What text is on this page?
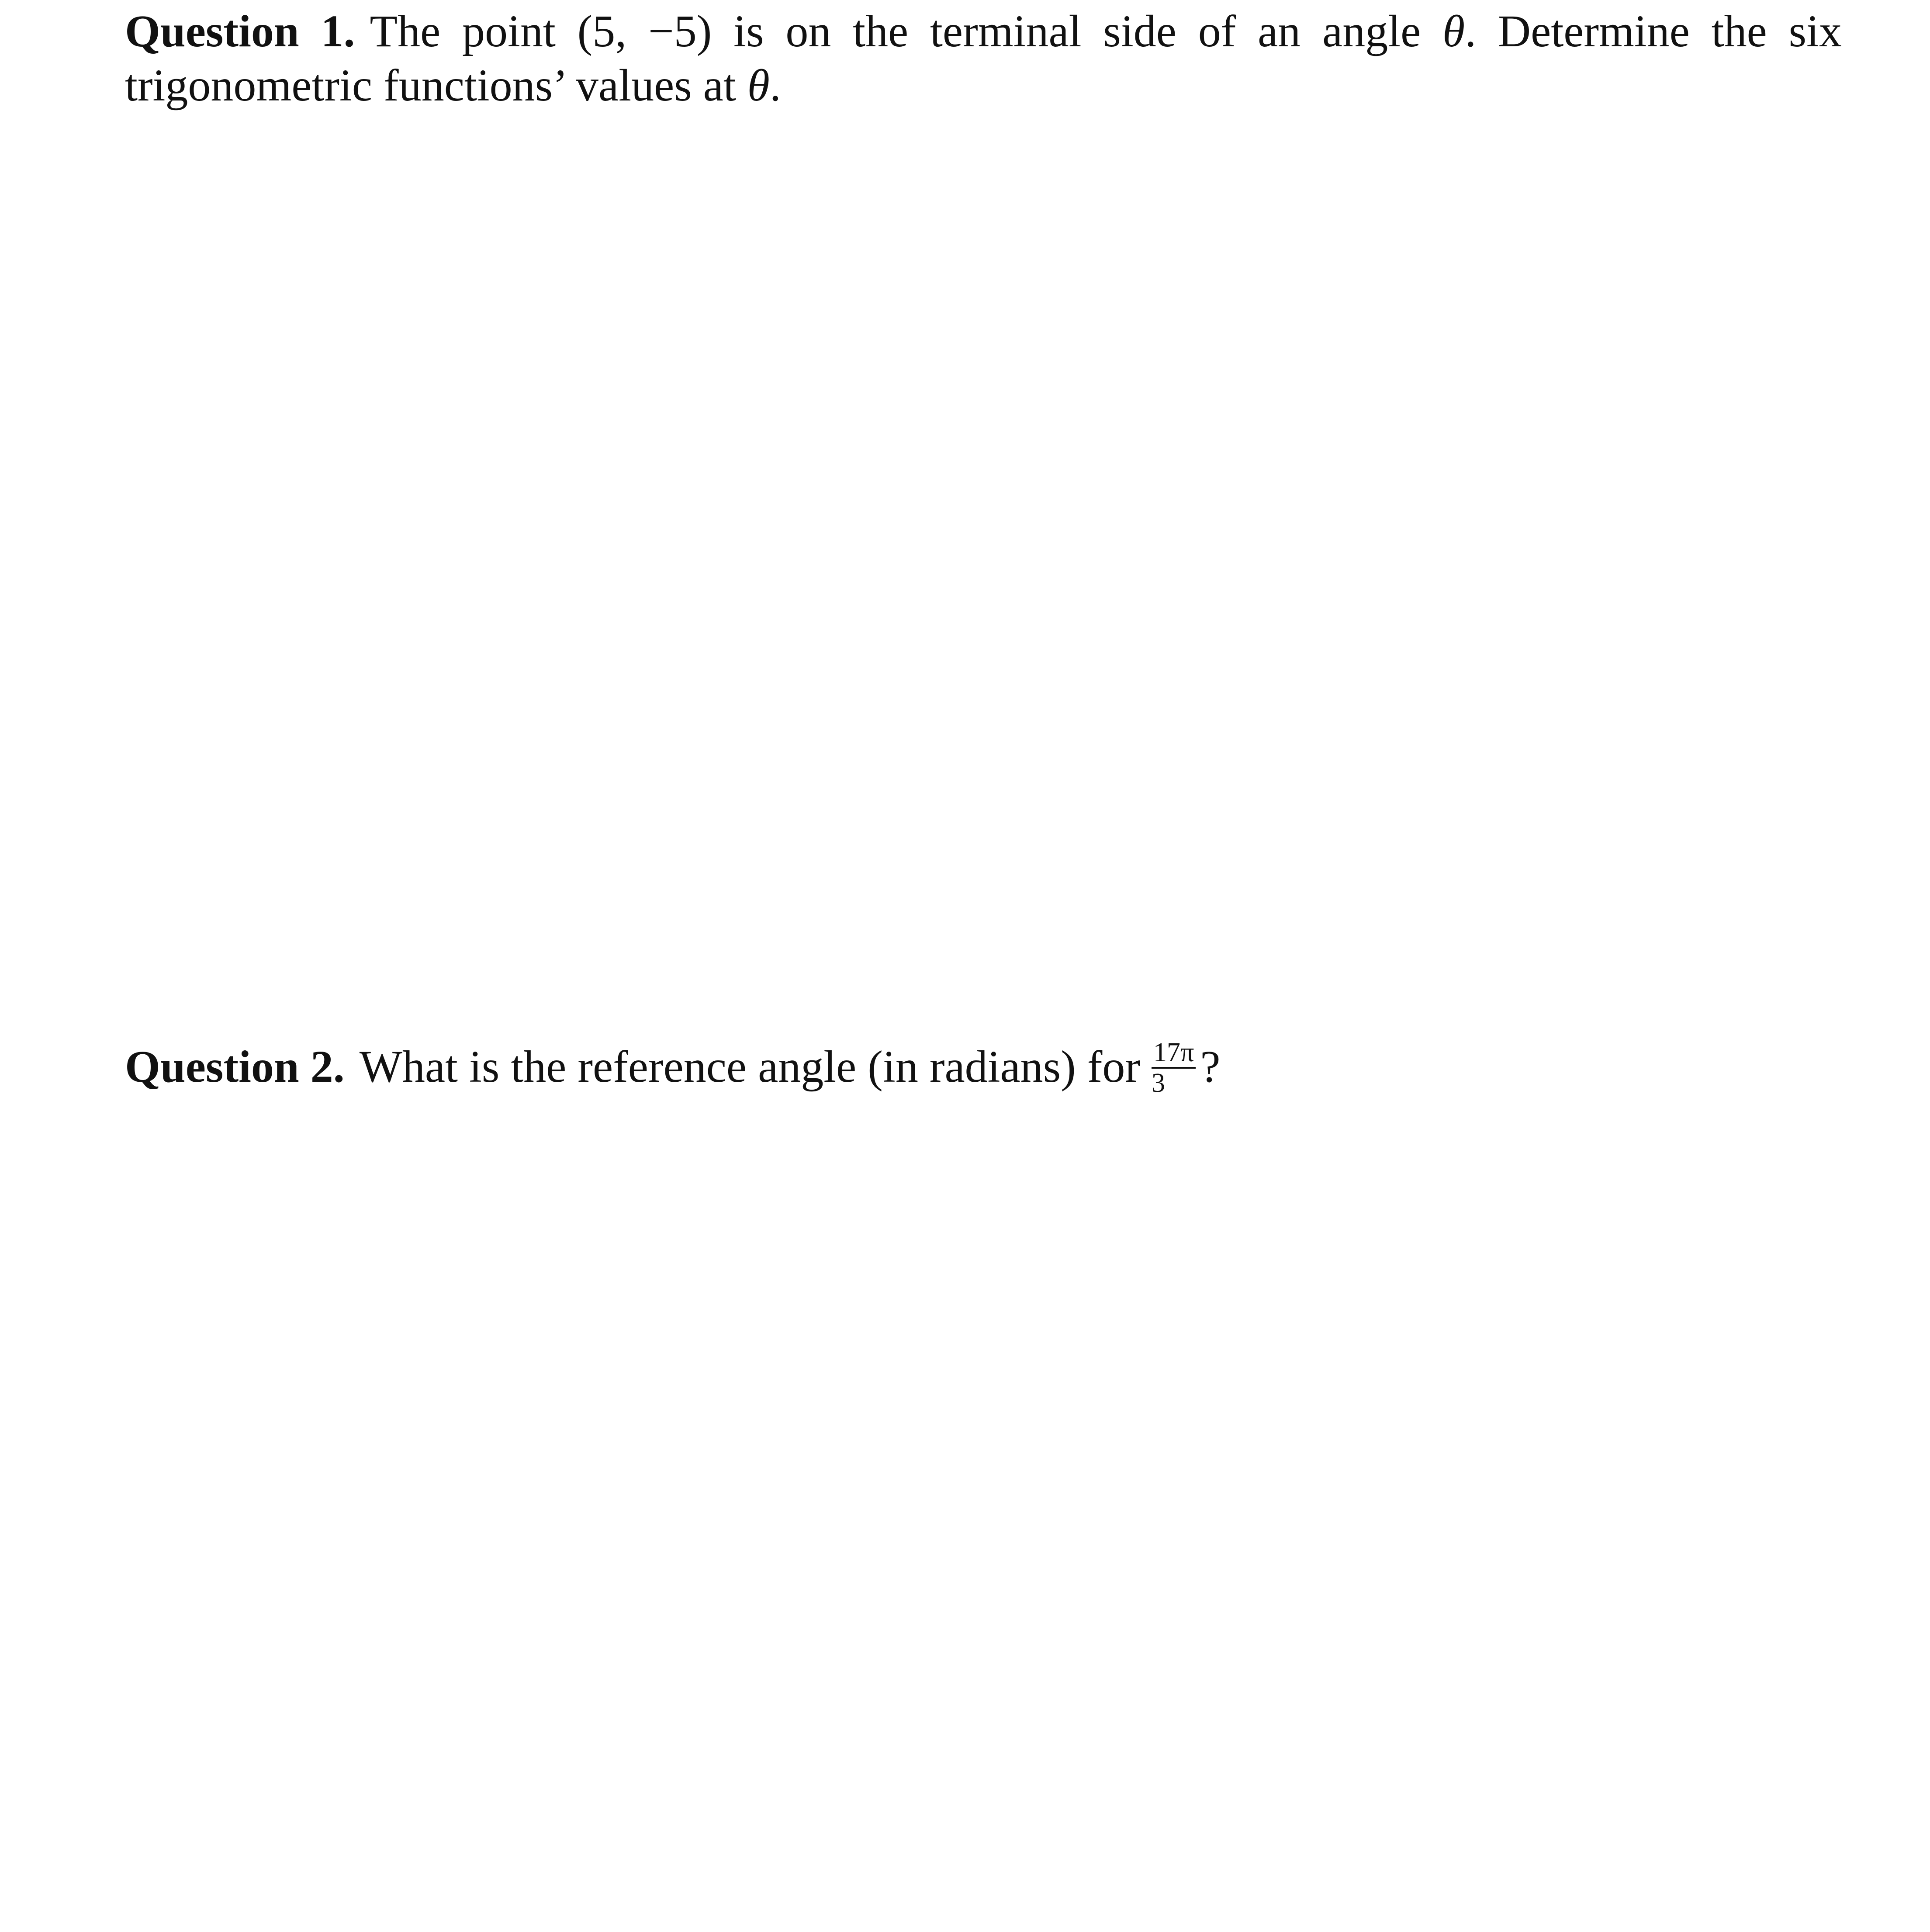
Question 1. The point (5, −5) is on the terminal side of an angle θ. Determine the six trigonometric functions’ values at θ.
Question 2. What is the reference angle (in radians) for $\frac{17\pi}{3}$ ?
